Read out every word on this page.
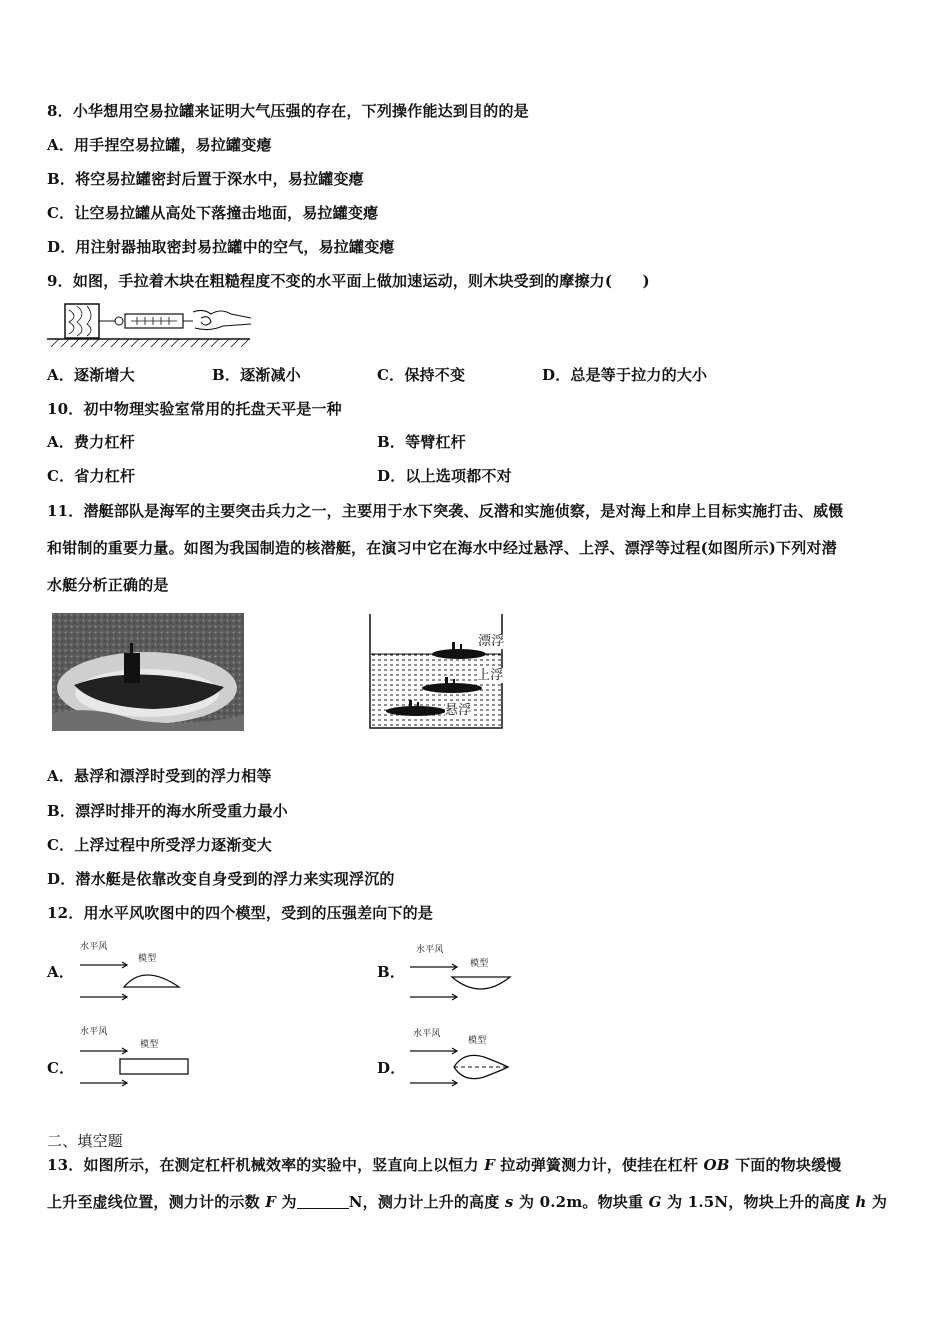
8．小华想用空易拉罐来证明大气压强的存在，下列操作能达到目的的是
A．用手捏空易拉罐，易拉罐变瘪
B．将空易拉罐密封后置于深水中，易拉罐变瘪
C．让空易拉罐从高处下落撞击地面，易拉罐变瘪
D．用注射器抽取密封易拉罐中的空气，易拉罐变瘪
9．如图，手拉着木块在粗糙程度不变的水平面上做加速运动，则木块受到的摩擦力(　　)
A．逐渐增大	B．逐渐减小	C．保持不变	D．总是等于拉力的大小
10．初中物理实验室常用的托盘天平是一种
A．费力杠杆	B．等臂杠杆
C．省力杠杆	D．以上选项都不对
11．潜艇部队是海军的主要突击兵力之一，主要用于水下突袭、反潜和实施侦察，是对海上和岸上目标实施打击、威慑
和钳制的重要力量。如图为我国制造的核潜艇，在演习中它在海水中经过悬浮、上浮、漂浮等过程(如图所示)下列对潜
水艇分析正确的是
漂浮
上浮
悬浮
A．悬浮和漂浮时受到的浮力相等
B．漂浮时排开的海水所受重力最小
C．上浮过程中所受浮力逐渐变大
D．潜水艇是依靠改变自身受到的浮力来实现浮沉的
12．用水平风吹图中的四个模型，受到的压强差向下的是
A．
水平风
模型
B．
水平风
模型
C．
水平风
模型
D．
水平风
模型
二、填空题
13．如图所示，在测定杠杆机械效率的实验中，竖直向上以恒力 F 拉动弹簧测力计，使挂在杠杆 OB 下面的物块缓慢
上升至虚线位置，测力计的示数 F 为	N，测力计上升的高度 s 为 0.2m。物块重 G 为 1.5N，物块上升的高度 h 为
